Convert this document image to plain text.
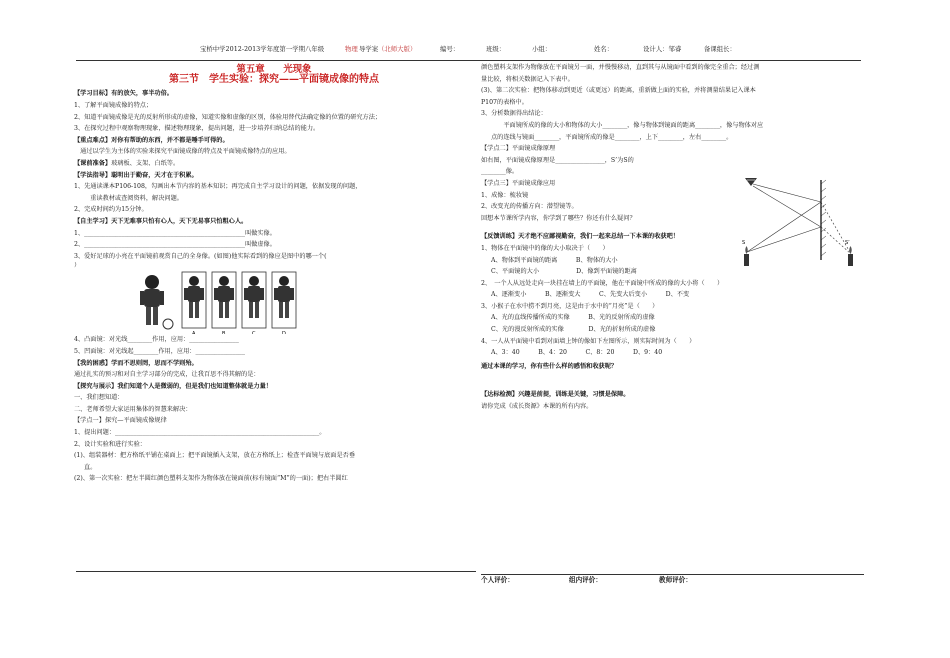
宝桥中学2012-2013学年度第一学期八年级	物理 导学案 （北师大版）	编号：	班级：	小组：	姓名：	设计人：邹睿	备课组长：
第五章　　光现象
第三节　学生实验：探究——平面镜成像的特点
【学习目标】有的放矢，事半功倍。
1、了解平面镜成像的特点；
2、知道平面镜成像是光的反射所形成的虚像，知道实像和虚像的区别，体验用替代法确定像的位置的研究方法；
3、在探究过程中观察物理现象，描述物理现象，提出问题，进一步培养归纳总结的能力。
【重点难点】对你有帮助的东西，并不都是唾手可得的。
　通过以学生为主体的实验来探究平面镜成像的特点及平面镜成像特点的应用。
【课前准备】玻璃板、支架、白纸等。
【学法指导】聪明出于勤奋，天才在于积累。
1、先通读课本P106-108，勾画出本节内容的基本知识；再完成自主学习设计的问题，依据发现的问题，
　重读教材或查阅资料，解决问题。
2、完成时间约为15分钟。
【自主学习】天下无难事只怕有心人，天下无易事只怕粗心人。
1、____________________________________________________叫做实像。
2、____________________________________________________叫做虚像。
3、爱好足球的小亮在平面镜前观赏自己的全身像。(如图)他实际看到的像应是图中的哪一个(
）
A	B	C	D
4、凸面镜：对光线________作用，应用：________________
5、凹面镜：对光线起________作用，应用：________________
【我的困惑】学而不思则罔，思而不学则殆。
通过扎实的预习和对自主学习部分的完成，让我百思不得其解的是：
【探究与展示】我们知道个人是微弱的，但是我们也知道整体就是力量！
一、我们想知道：
二、老师希望大家运用集体的智慧来解决：
【学点一】探究—平面镜成像规律
1、提出问题：__________________________________________________________________。
2、设计实验和进行实验：
(1)、组装器材：把方格纸平铺在桌面上；把平面镜插入支架，放在方格纸上；检查平面镜与底面是否垂
直。
(2)、第一次实验：把左半圆红颜色塑料支架作为物体放在镜面前(标有镜面“M”的一面)；把右半圆红
颜色塑料支架作为物像放在平面镜另一面，并慢慢移动，直到其与从镜面中看到的像完全重合；经过测
量比较，将相关数据记入下表中。
(3)、第二次实验：把物体移动到更近（或更远）的距离，重新做上面的实验，并将测量结果记入课本
P107的表格中。
3、分析数据得出结论：
　　平面镜所成的像的大小和物体的大小________，像与物体到镜面的距离________，像与物体对应
点的连线与镜面________，平面镜所成的像是________，上下________，左右________。
【学点二】平面镜成像原理
如右图，平面镜成像原理是________________，S’为S的
________像。
【学点三】平面镜成像应用
1、成像：梳妆镜
2、改变光的传播方向：潜望镜等。
回想本节课所学内容，你学到了哪些？你还有什么疑问？
S	S’
【反馈训练】天才绝不应鄙视勤奋，我们一起来总结一下本课的收获吧！
1、物体在平面镜中的像的大小取决于（　　）
A、物体到平面镜的距离　　　B、物体的大小
C、平面镜的大小　　　　　　D、像到平面镜的距离
2、　一个人从远处走向一块挂在墙上的平面镜，他在平面镜中所成的像的大小将（　　）
A、逐渐变小　　　B、逐渐变大　　　C、先变大后变小　　　D、不变
3、小猴子在水中捞不到月亮，这是由于水中的“月亮”是（　　）
A、光的直线传播所成的实像　　　B、光的反射所成的虚像
C、光的漫反射所成的实像　　　　D、光的折射所成的虚像
4、一人从平面镜中看到对面墙上钟的像如下左图所示，则实际时间为（　　）
A、3：40　　　B、4：20　　　C、8：20　　　D、9：40
通过本课的学习，你有些什么样的感悟和收获呢？
【达标检测】兴趣是前提，训练是关键，习惯是保障。
请你完成《成长资源》本课的所有内容。
个人评价：	组内评价：	教师评价：
